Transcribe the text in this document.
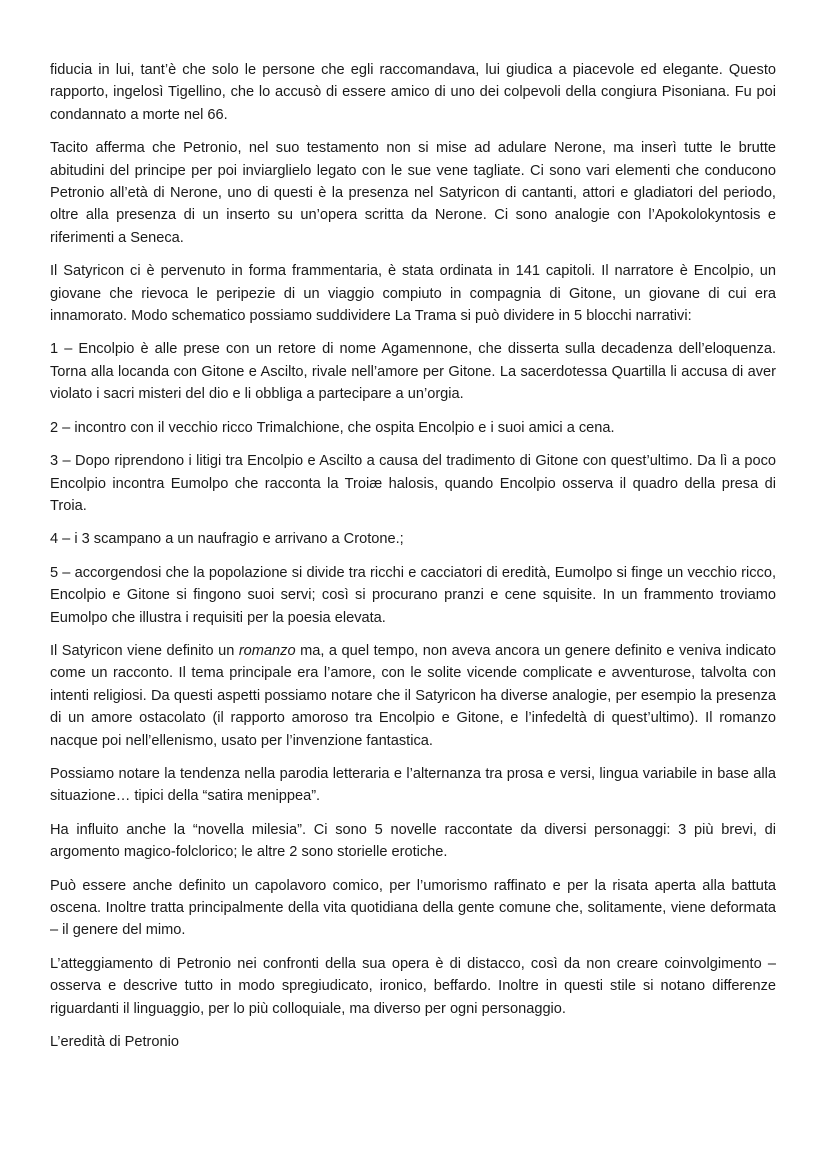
fiducia in lui, tant’è che solo le persone che egli raccomandava, lui giudica a piacevole ed elegante. Questo rapporto, ingelosì Tigellino, che lo accusò di essere amico di uno dei colpevoli della congiura Pisoniana. Fu poi condannato a morte nel 66.

Tacito afferma che Petronio, nel suo testamento non si mise ad adulare Nerone, ma inserì tutte le brutte abitudini del principe per poi inviarglielo legato con le sue vene tagliate. Ci sono vari elementi che conducono Petronio all’età di Nerone, uno di questi è la presenza nel Satyricon di cantanti, attori e gladiatori del periodo, oltre alla presenza di un inserto su un’opera scritta da Nerone. Ci sono analogie con l’Apokolokyntosis e riferimenti a Seneca.

Il Satyricon ci è pervenuto in forma frammentaria, è stata ordinata in 141 capitoli. Il narratore è Encolpio, un giovane che rievoca le peripezie di un viaggio compiuto in compagnia di Gitone, un giovane di cui era innamorato. Modo schematico possiamo suddividere La Trama si può dividere in 5 blocchi narrativi:

1 – Encolpio è alle prese con un retore di nome Agamennone, che disserta sulla decadenza dell’eloquenza. Torna alla locanda con Gitone e Ascilto, rivale nell’amore per Gitone. La sacerdotessa Quartilla li accusa di aver violato i sacri misteri del dio e li obbliga a partecipare a un’orgia.

2 – incontro con il vecchio ricco Trimalchione, che ospita Encolpio e i suoi amici a cena.

3 – Dopo riprendono i litigi tra Encolpio e Ascilto a causa del tradimento di Gitone con quest’ultimo. Da lì a poco Encolpio incontra Eumolpo che racconta la Troiæ halosis, quando Encolpio osserva il quadro della presa di Troia.

4 – i 3 scampano a un naufragio e arrivano a Crotone.;

5 – accorgendosi che la popolazione si divide tra ricchi e cacciatori di eredità, Eumolpo si finge un vecchio ricco, Encolpio e Gitone si fingono suoi servi; così si procurano pranzi e cene squisite. In un frammento troviamo Eumolpo che illustra i requisiti per la poesia elevata.

Il Satyricon viene definito un romanzo ma, a quel tempo, non aveva ancora un genere definito e veniva indicato come un racconto. Il tema principale era l’amore, con le solite vicende complicate e avventurose, talvolta con intenti religiosi. Da questi aspetti possiamo notare che il Satyricon ha diverse analogie, per esempio la presenza di un amore ostacolato (il rapporto amoroso tra Encolpio e Gitone, e l’infedeltà di quest’ultimo). Il romanzo nacque poi nell’ellenismo, usato per l’invenzione fantastica.

Possiamo notare la tendenza nella parodia letteraria e l’alternanza tra prosa e versi, lingua variabile in base alla situazione… tipici della “satira menippea”.

Ha influito anche la “novella milesia”. Ci sono 5 novelle raccontate da diversi personaggi: 3 più brevi, di argomento magico-folclorico; le altre 2 sono storielle erotiche.

Può essere anche definito un capolavoro comico, per l’umorismo raffinato e per la risata aperta alla battuta oscena. Inoltre tratta principalmente della vita quotidiana della gente comune che, solitamente, viene deformata – il genere del mimo.

L’atteggiamento di Petronio nei confronti della sua opera è di distacco, così da non creare coinvolgimento – osserva e descrive tutto in modo spregiudicato, ironico, beffardo. Inoltre in questi stile si notano differenze riguardanti il linguaggio, per lo più colloquiale, ma diverso per ogni personaggio.

L’eredità di Petronio
